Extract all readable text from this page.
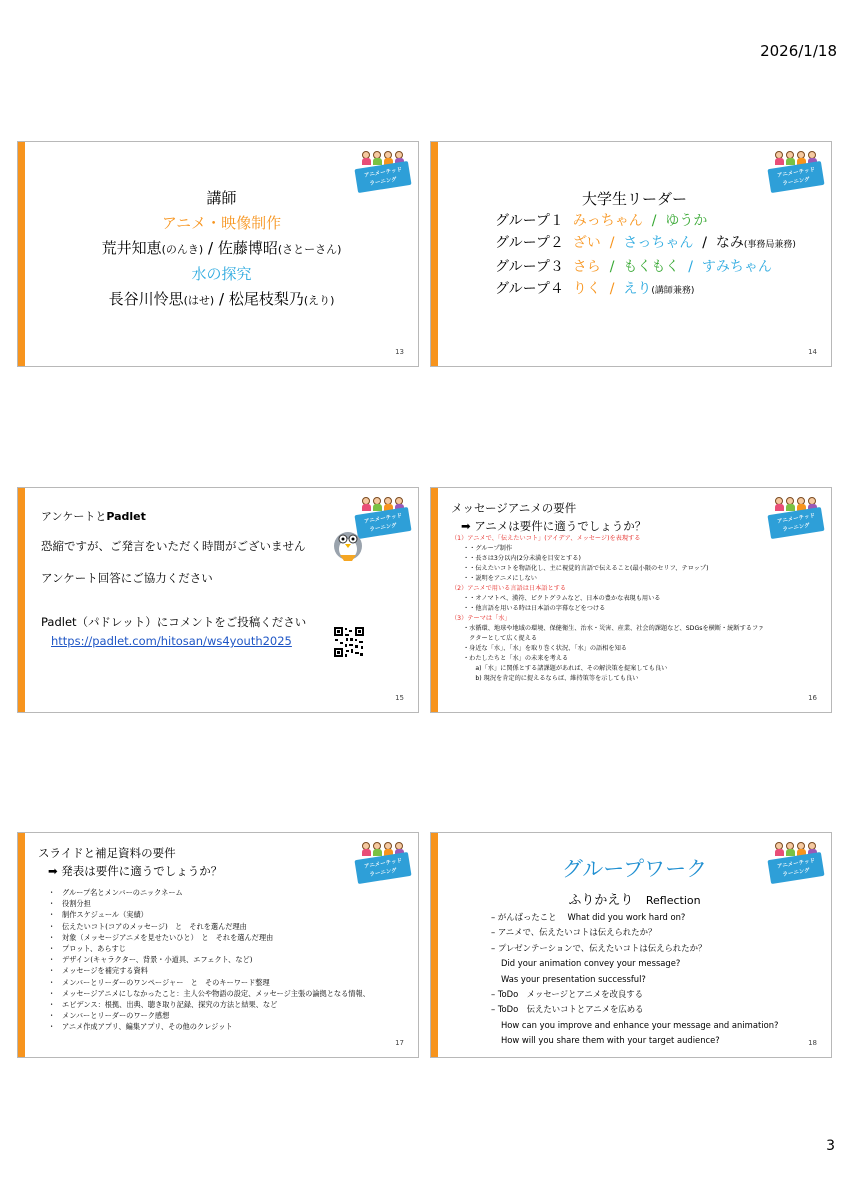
2026/1/18
アニメーテッド
ラーニング
講師
アニメ・映像制作
荒井知恵(のんき) / 佐藤博昭(さとーさん)
水の探究
長谷川怜思(はせ) / 松尾枝梨乃(えり)
13
アニメーテッド
ラーニング
大学生リーダー
グループ１ みっちゃん / ゆうか
グループ２ ざい / さっちゃん / なみ(事務局兼務)
グループ３ さら / もくもく / すみちゃん
グループ４ りく / えり(講師兼務)
14
アニメーテッド
ラーニング
アンケートとPadlet
恐縮ですが、ご発言をいただく時間がございません
アンケート回答にご協力ください
Padlet（パドレット）にコメントをご投稿ください
https://padlet.com/hitosan/ws4youth2025
15
アニメーテッド
ラーニング
メッセージアニメの要件
➡ アニメは要件に適うでしょうか？
（1）アニメで、「伝えたいコト」(アイデア、メッセージ)を表現する
・・グループ制作
・・長さは3分以内(2分未満を目安とする)
・・伝えたいコトを物語化し、主に視覚的言語で伝えること(最小限のセリフ、テロップ)
・・説明をアニメにしない
（2）アニメで用いる言語は日本語とする
・・オノマトペ、漢符、ピクトグラムなど、日本の豊かな表現も用いる
・・他言語を用いる時は日本語の字幕などをつける
（3）テーマは「水」
・水循環、地球や地域の環境、保健衛生、治水・災害、産業、社会的課題など、SDGsを横断・統断するファ
　クターとして広く捉える
・身近な「水」、「水」を取り巻く状況、「水」の語相を知る
・わたしたちと「水」の未来を考える
　　a)「水」に関係とする諸課題があれば、その解決策を提案しても良い
　　b) 現況を肯定的に捉えるならば、維持策等を示しても良い
16
アニメーテッド
ラーニング
スライドと補足資料の要件
➡ 発表は要件に適うでしょうか？
・ グループ名とメンバーのニックネーム
・ 役割分担
・ 制作スケジュール（実績）
・ 伝えたいコト(コアのメッセージ)　と　それを選んだ理由
・ 対象（メッセージアニメを見せたいひと）　と　それを選んだ理由
・ プロット、あらすじ
・ デザイン(キャラクター、背景・小道具、エフェクト、など)
・ メッセージを補完する資料
・ メンバーとリーダーのワンページャー　と　そのキーワード整理
・ メッセージアニメにしなかったこと：主人公や物語の設定、メッセージ主張の論拠となる情報、
・ エビデンス：根拠、出典、聴き取り記録、探究の方法と結果、など
・ メンバーとリーダーのワーク感想
・ アニメ作成アプリ、編集アプリ、その他のクレジット
17
アニメーテッド
ラーニング
グループワーク
ふりかえり Reflection
– がんばったこと　 What did you work hard on?
– アニメで、伝えたいコトは伝えられたか？
– プレゼンテーションで、伝えたいコトは伝えられたか？
Did your animation convey your message?
Was your presentation successful?
– ToDo　メッセージとアニメを改良する
– ToDo　伝えたいコトとアニメを広める
How can you improve and enhance your message and animation?
How will you share them with your target audience?	18
3
